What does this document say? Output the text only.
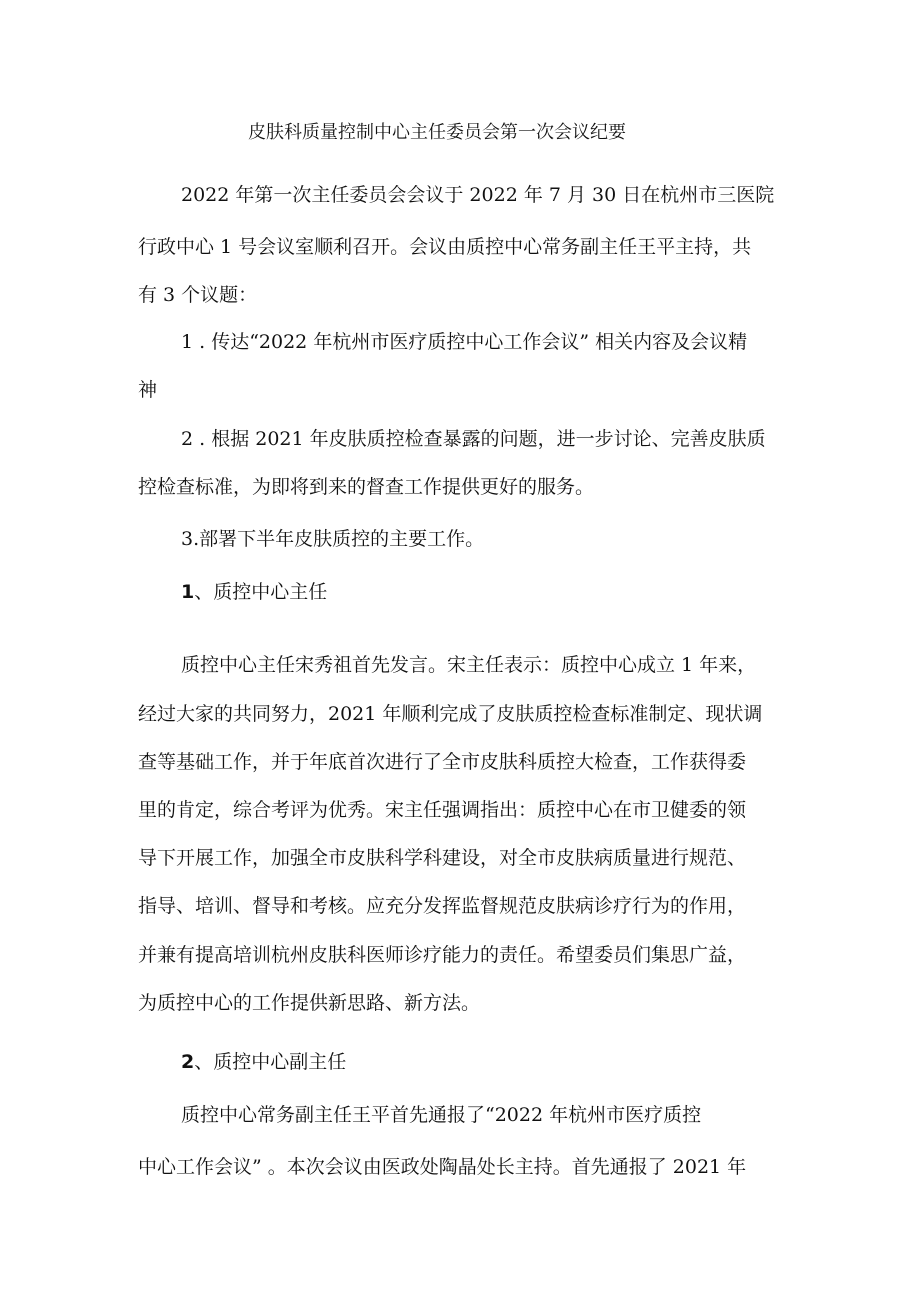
皮肤科质量控制中心主任委员会第一次会议纪要

2022 年第一次主任委员会会议于 2022 年 7 月 30 日在杭州市三医院

行政中心 1 号会议室顺利召开。会议由质控中心常务副主任王平主持，共

有 3 个议题：

1 . 传达“2022 年杭州市医疗质控中心工作会议” 相关内容及会议精

神

2 . 根据 2021 年皮肤质控检查暴露的问题，进一步讨论、完善皮肤质

控检查标准，为即将到来的督查工作提供更好的服务。

3.部署下半年皮肤质控的主要工作。

1、质控中心主任

质控中心主任宋秀祖首先发言。宋主任表示：质控中心成立 1 年来，

经过大家的共同努力，2021 年顺利完成了皮肤质控检查标准制定、现状调

查等基础工作，并于年底首次进行了全市皮肤科质控大检查，工作获得委

里的肯定，综合考评为优秀。宋主任强调指出：质控中心在市卫健委的领

导下开展工作，加强全市皮肤科学科建设，对全市皮肤病质量进行规范、

指导、培训、督导和考核。应充分发挥监督规范皮肤病诊疗行为的作用，

并兼有提高培训杭州皮肤科医师诊疗能力的责任。希望委员们集思广益，

为质控中心的工作提供新思路、新方法。

2、质控中心副主任

质控中心常务副主任王平首先通报了“2022 年杭州市医疗质控

中心工作会议” 。本次会议由医政处陶晶处长主持。首先通报了 2021 年
